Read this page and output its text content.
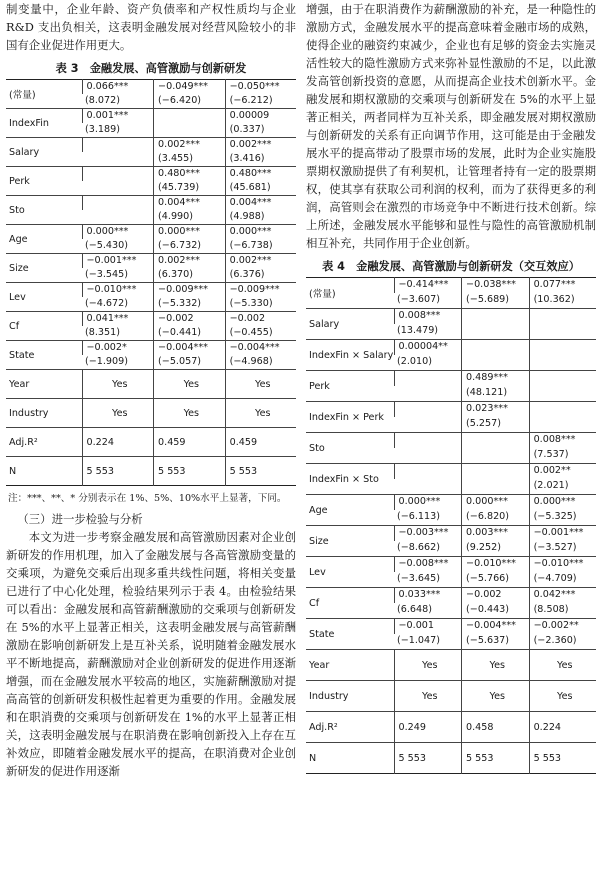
制变量中，企业年龄、资产负债率和产权性质均与企业 R&D 支出负相关，这表明金融发展对经营风险较小的非国有企业促进作用更大。

表 3　金融发展、高管激励与创新研发
(常量)	0.066***	−0.049***	−0.050***
	(8.072)	(−6.420)	(−6.212)
IndexFin	0.001***		0.00009
	(3.189)		(0.337)
Salary		0.002***	0.002***
		(3.455)	(3.416)
Perk		0.480***	0.480***
		(45.739)	(45.681)
Sto		0.004***	0.004***
		(4.990)	(4.988)
Age	0.000***	0.000***	0.000***
	(−5.430)	(−6.732)	(−6.738)
Size	−0.001***	0.002***	0.002***
	(−3.545)	(6.370)	(6.376)
Lev	−0.010***	−0.009***	−0.009***
	(−4.672)	(−5.332)	(−5.330)
Cf	0.041***	−0.002	−0.002
	(8.351)	(−0.441)	(−0.455)
State	−0.002*	−0.004***	−0.004***
	(−1.909)	(−5.057)	(−4.968)
Year	Yes	Yes	Yes

Industry	Yes	Yes	Yes

Adj.R²	0.224	0.459	0.459

N	5 553	5 553	5 553

注：***、**、* 分别表示在 1%、5%、10%水平上显著，下同。
（三）进一步检验与分析

本文为进一步考察金融发展和高管激励因素对企业创新研发的作用机理，加入了金融发展与各高管激励变量的交乘项，为避免交乘后出现多重共线性问题，将相关变量已进行了中心化处理，检验结果列示于表 4。由检验结果可以看出：金融发展和高管薪酬激励的交乘项与创新研发在 5%的水平上显著正相关，这表明金融发展与高管薪酬激励在影响创新研发上是互补关系，说明随着金融发展水平不断地提高，薪酬激励对企业创新研发的促进作用逐渐增强，而在金融发展水平较高的地区，实施薪酬激励对提高高管的创新研发积极性起着更为重要的作用。金融发展和在职消费的交乘项与创新研发在 1%的水平上显著正相关，这表明金融发展与在职消费在影响创新投入上存在互补效应，即随着金融发展水平的提高，在职消费对企业创新研发的促进作用逐渐

增强，由于在职消费作为薪酬激励的补充，是一种隐性的激励方式，金融发展水平的提高意味着金融市场的成熟，使得企业的融资约束减少，企业也有足够的资金去实施灵活性较大的隐性激励方式来弥补显性激励的不足，以此激发高管创新投资的意愿，从而提高企业技术创新水平。金融发展和期权激励的交乘项与创新研发在 5%的水平上显著正相关，两者同样为互补关系，即金融发展对期权激励与创新研发的关系有正向调节作用，这可能是由于金融发展水平的提高带动了股票市场的发展，此时为企业实施股票期权激励提供了有利契机，让管理者持有一定的股票期权，使其享有获取公司利润的权利，而为了获得更多的利润，高管则会在激烈的市场竞争中不断进行技术创新。综上所述，金融发展水平能够和显性与隐性的高管激励机制相互补充，共同作用于企业创新。

表 4　金融发展、高管激励与创新研发（交互效应）
(常量)	−0.414***	−0.038***	0.077***
	(−3.607)	(−5.689)	(10.362)
Salary	0.008***		
	(13.479)		
IndexFin × Salary	0.00004**		
	(2.010)		
Perk		0.489***	
		(48.121)	
IndexFin × Perk		0.023***	
		(5.257)	
Sto			0.008***
			(7.537)
IndexFin × Sto			0.002**
			(2.021)
Age	0.000***	0.000***	0.000***
	(−6.113)	(−6.820)	(−5.325)
Size	−0.003***	0.003***	−0.001***
	(−8.662)	(9.252)	(−3.527)
Lev	−0.008***	−0.010***	−0.010***
	(−3.645)	(−5.766)	(−4.709)
Cf	0.033***	−0.002	0.042***
	(6.648)	(−0.443)	(8.508)
State	−0.001	−0.004***	−0.002**
	(−1.047)	(−5.637)	(−2.360)
Year	Yes	Yes	Yes

Industry	Yes	Yes	Yes

Adj.R²	0.249	0.458	0.224

N	5 553	5 553	5 553
